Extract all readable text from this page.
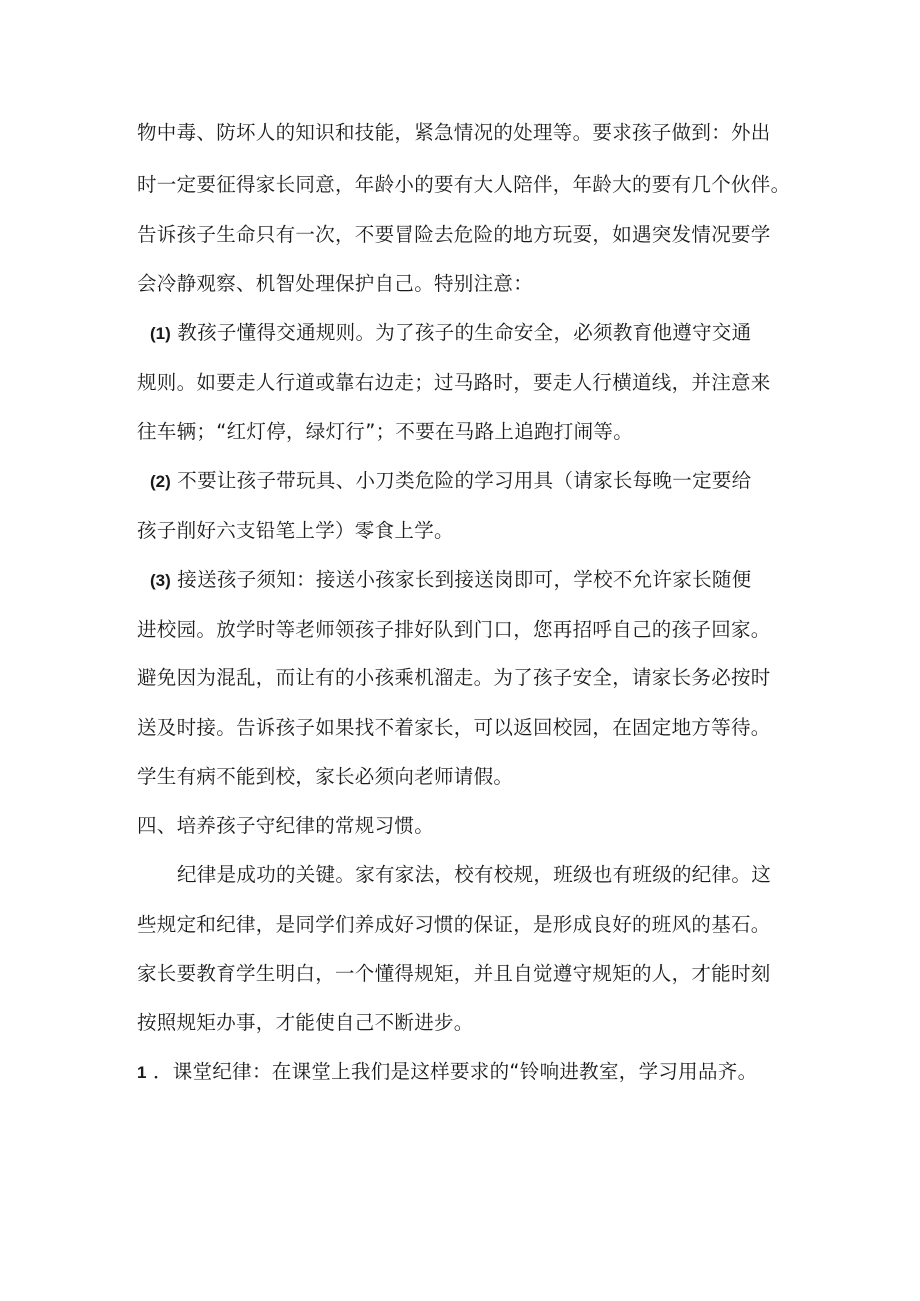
物中毒、防坏人的知识和技能，紧急情况的处理等。要求孩子做到：外出
时一定要征得家长同意，年龄小的要有大人陪伴，年龄大的要有几个伙伴。
告诉孩子生命只有一次，不要冒险去危险的地方玩耍，如遇突发情况要学
会冷静观察、机智处理保护自己。特别注意：
(1) 教孩子懂得交通规则。为了孩子的生命安全，必须教育他遵守交通
规则。如要走人行道或靠右边走；过马路时，要走人行横道线，并注意来
往车辆；“红灯停，绿灯行”；不要在马路上追跑打闹等。
(2) 不要让孩子带玩具、小刀类危险的学习用具（请家长每晚一定要给
孩子削好六支铅笔上学）零食上学。
(3) 接送孩子须知：接送小孩家长到接送岗即可，学校不允许家长随便
进校园。放学时等老师领孩子排好队到门口，您再招呼自己的孩子回家。
避免因为混乱，而让有的小孩乘机溜走。为了孩子安全，请家长务必按时
送及时接。告诉孩子如果找不着家长，可以返回校园，在固定地方等待。
学生有病不能到校，家长必须向老师请假。
四、培养孩子守纪律的常规习惯。
纪律是成功的关键。家有家法，校有校规，班级也有班级的纪律。这
些规定和纪律，是同学们养成好习惯的保证，是形成良好的班风的基石。
家长要教育学生明白，一个懂得规矩，并且自觉遵守规矩的人，才能时刻
按照规矩办事，才能使自己不断进步。
1 ．课堂纪律：在课堂上我们是这样要求的“铃响进教室，学习用品齐。
